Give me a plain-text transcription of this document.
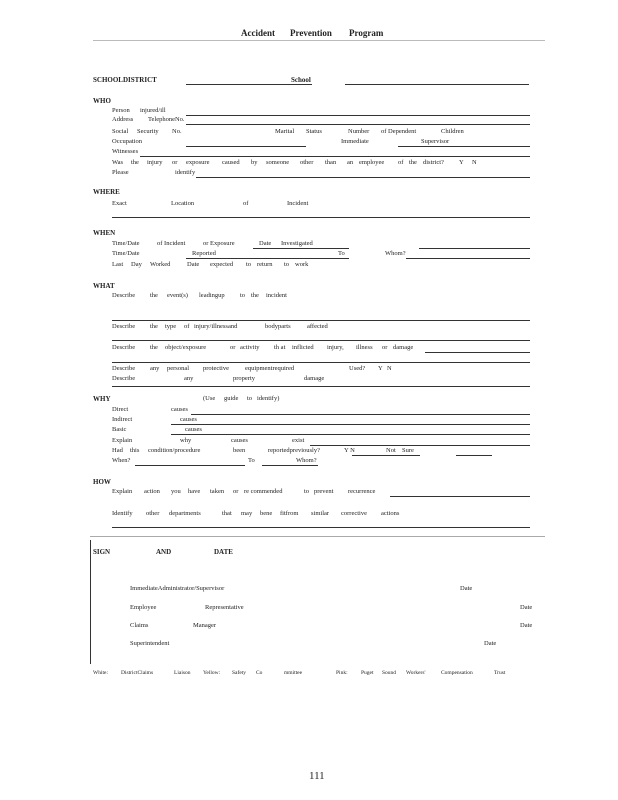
Accident Prevention Program
SCHOOLDISTRICT	School
WHO
Person injured/ill
Address TelephoneNo.
Social Security No.	Marital Status	Number of Dependent	Children
Occupation	Immediate	Supervisor
Witnesses
Was the injury or exposure caused by someone other than an employee of the district? Y N
Please	identify
WHERE
Exact	Location	of	Incident
WHEN
Time/Date	of Incident	or Exposure	Date Investigated
Time/Date	Reported	To	Whom?
Last Day Worked	Date expected to return to work
WHAT
Describe the event(s) leadingup to the incident
Describe the type of injury/illnessand	bodyparts	affected
Describe the object/exposure	or activity th at inflicted injury, illness or damage
Describe any personal protective equipmentrequired	Used? Y N
Describe	any	property	damage
WHY	(Use guide to identify)
Direct	causes
Indirect	causes
Basic	causes
Explain	why	causes	exist
Had this condition/procedure	been	reportedpreviously?	Y N	Not Sure
When?	To	Whom?
HOW
Explain action you have taken or re commended	to prevent recurrence
Identify other departments	that may bene fitfrom similar corrective actions
SIGN	AND	DATE
ImmediateAdministrator/Supervisor	Date
Employee	Representative	Date
Claims	Manager	Date
Superintendent	Date
White: DistrictClaims	Liaison Yellow: Safety Co	mmittee	Pink: Puget Sound Workers'	Compensation	Trust
111
